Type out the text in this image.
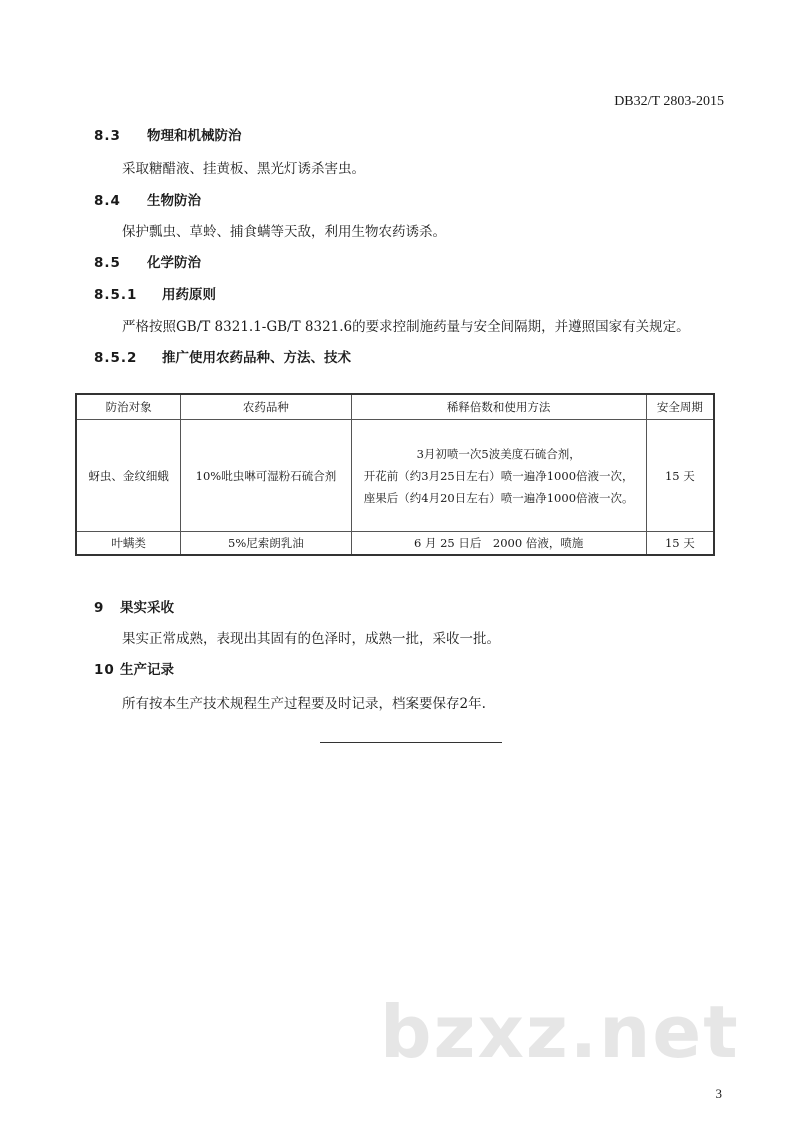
DB32/T 2803-2015
8.3 物理和机械防治
采取糖醋液、挂黄板、黑光灯诱杀害虫。
8.4 生物防治
保护瓢虫、草蛉、捕食螨等天敌，利用生物农药诱杀。
8.5 化学防治
8.5.1 用药原则
严格按照GB/T 8321.1-GB/T 8321.6的要求控制施药量与安全间隔期，并遵照国家有关规定。
8.5.2 推广使用农药品种、方法、技术
防治对象	农药品种	稀释倍数和使用方法	安全周期
蚜虫、金纹细蛾	10%吡虫啉可湿粉石硫合剂	3月初喷一次5波美度石硫合剂，
开花前（约3月25日左右）喷一遍净1000倍液一次，
座果后（约4月20日左右）喷一遍净1000倍液一次。	15 天
叶螨类	5%尼索朗乳油	6 月 25 日后　2000 倍液，喷施	15 天
9 果实采收
果实正常成熟，表现出其固有的色泽时，成熟一批，采收一批。
10 生产记录
所有按本生产技术规程生产过程要及时记录，档案要保存2年.
bzxz.net
3
